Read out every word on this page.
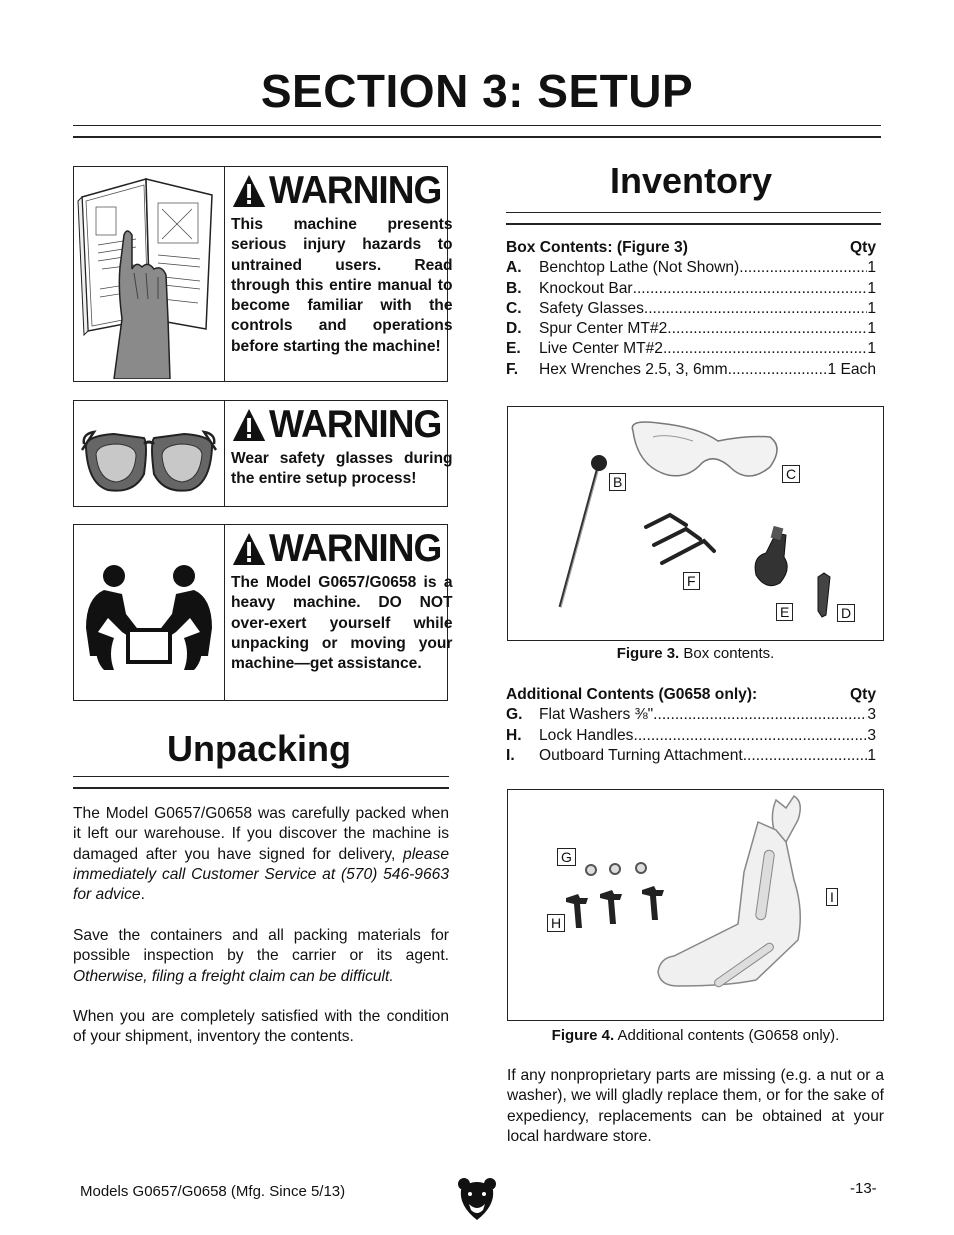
SECTION 3: SETUP
WARNING
This machine presents serious injury hazards to untrained users. Read through this entire manual to become familiar with the controls and operations before starting the machine!
WARNING
Wear safety glasses during the entire setup process!
WARNING
The Model G0657/G0658 is a heavy machine. DO NOT over-exert yourself while unpacking or moving your machine—get assistance.
Unpacking
The Model G0657/G0658 was carefully packed when it left our warehouse. If you discover the machine is damaged after you have signed for delivery, please immediately call Customer Service at (570) 546-9663 for advice.
Save the containers and all packing materials for possible inspection by the carrier or its agent. Otherwise, filing a freight claim can be difficult.
When you are completely satisfied with the condition of your shipment, inventory the contents.
Inventory
Box Contents: (Figure 3)	Qty
A.	Benchtop Lathe (Not Shown) .....	1
B.	Knockout Bar .....	1
C.	Safety Glasses .....	1
D.	Spur Center MT#2 .....	1
E.	Live Center MT#2 .....	1
F.	Hex Wrenches 2.5, 3, 6mm .....	1 Each
B	C
F
E	D
Figure 3. Box contents.
Additional Contents (G0658 only):	Qty
G.	Flat Washers ⅜" .....	3
H.	Lock Handles .....	3
I.	Outboard Turning Attachment .....	1
G
H
I
Figure 4. Additional contents (G0658 only).
If any nonproprietary parts are missing (e.g. a nut or a washer), we will gladly replace them, or for the sake of expediency, replacements can be obtained at your local hardware store.
Models G0657/G0658 (Mfg. Since 5/13)	-13-
